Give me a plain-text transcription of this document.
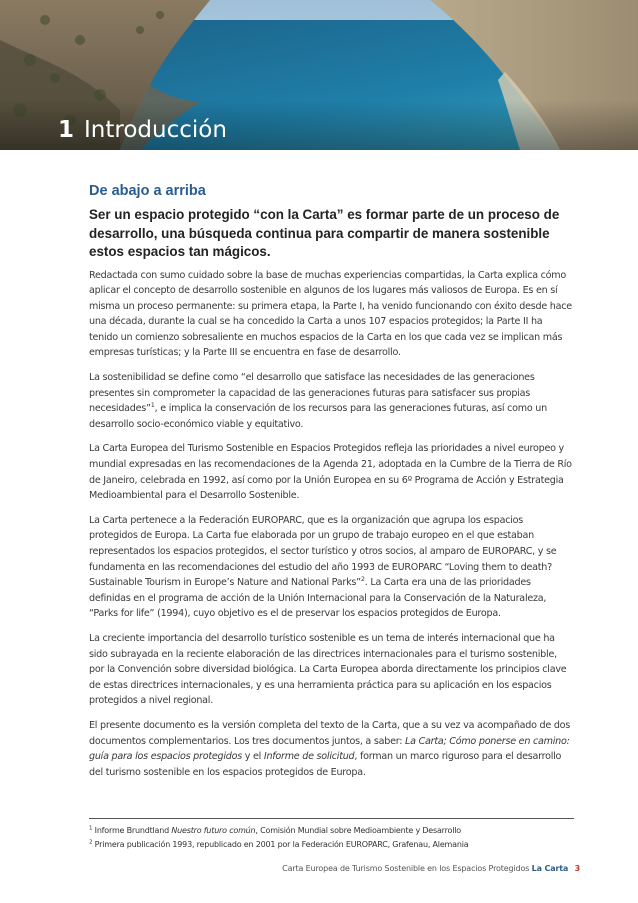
1 Introducción
De abajo a arriba
Ser un espacio protegido “con la Carta” es formar parte de un proceso de desarrollo, una búsqueda continua para compartir de manera sostenible estos espacios tan mágicos.

Redactada con sumo cuidado sobre la base de muchas experiencias compartidas, la Carta explica cómo aplicar el concepto de desarrollo sostenible en algunos de los lugares más valiosos de Europa. Es en sí misma un proceso permanente: su primera etapa, la Parte I, ha venido funcionando con éxito desde hace una década, durante la cual se ha concedido la Carta a unos 107 espacios protegidos; la Parte II ha tenido un comienzo sobresaliente en muchos espacios de la Carta en los que cada vez se implican más empresas turísticas; y la Parte III se encuentra en fase de desarrollo.

La sostenibilidad se define como “el desarrollo que satisface las necesidades de las generaciones presentes sin comprometer la capacidad de las generaciones futuras para satisfacer sus propias necesidades”$^1$, e implica la conservación de los recursos para las generaciones futuras, así como un desarrollo socio-económico viable y equitativo.

La Carta Europea del Turismo Sostenible en Espacios Protegidos refleja las prioridades a nivel europeo y mundial expresadas en las recomendaciones de la Agenda 21, adoptada en la Cumbre de la Tierra de Río de Janeiro, celebrada en 1992, así como por la Unión Europea en su 6º Programa de Acción y Estrategia Medioambiental para el Desarrollo Sostenible.

La Carta pertenece a la Federación EUROPARC, que es la organización que agrupa los espacios protegidos de Europa. La Carta fue elaborada por un grupo de trabajo europeo en el que estaban representados los espacios protegidos, el sector turístico y otros socios, al amparo de EUROPARC, y se fundamenta en las recomendaciones del estudio del año 1993 de EUROPARC “Loving them to death? Sustainable Tourism in Europe’s Nature and National Parks”$^2$. La Carta era una de las prioridades definidas en el programa de acción de la Unión Internacional para la Conservación de la Naturaleza, “Parks for life” (1994), cuyo objetivo es el de preservar los espacios protegidos de Europa.

La creciente importancia del desarrollo turístico sostenible es un tema de interés internacional que ha sido subrayada en la reciente elaboración de las directrices internacionales para el turismo sostenible, por la Convención sobre diversidad biológica. La Carta Europea aborda directamente los principios clave de estas directrices internacionales, y es una herramienta práctica para su aplicación en los espacios protegidos a nivel regional.

El presente documento es la versión completa del texto de la Carta, que a su vez va acompañado de dos documentos complementarios. Los tres documentos juntos, a saber: La Carta; Cómo ponerse en camino: guía para los espacios protegidos y el Informe de solicitud, forman un marco riguroso para el desarrollo del turismo sostenible en los espacios protegidos de Europa.

$^1$ Informe Brundtland Nuestro futuro común, Comisión Mundial sobre Medioambiente y Desarrollo
$^2$ Primera publicación 1993, republicado en 2001 por la Federación EUROPARC, Grafenau, Alemania
Carta Europea de Turismo Sostenible en los Espacios Protegidos La Carta 3
